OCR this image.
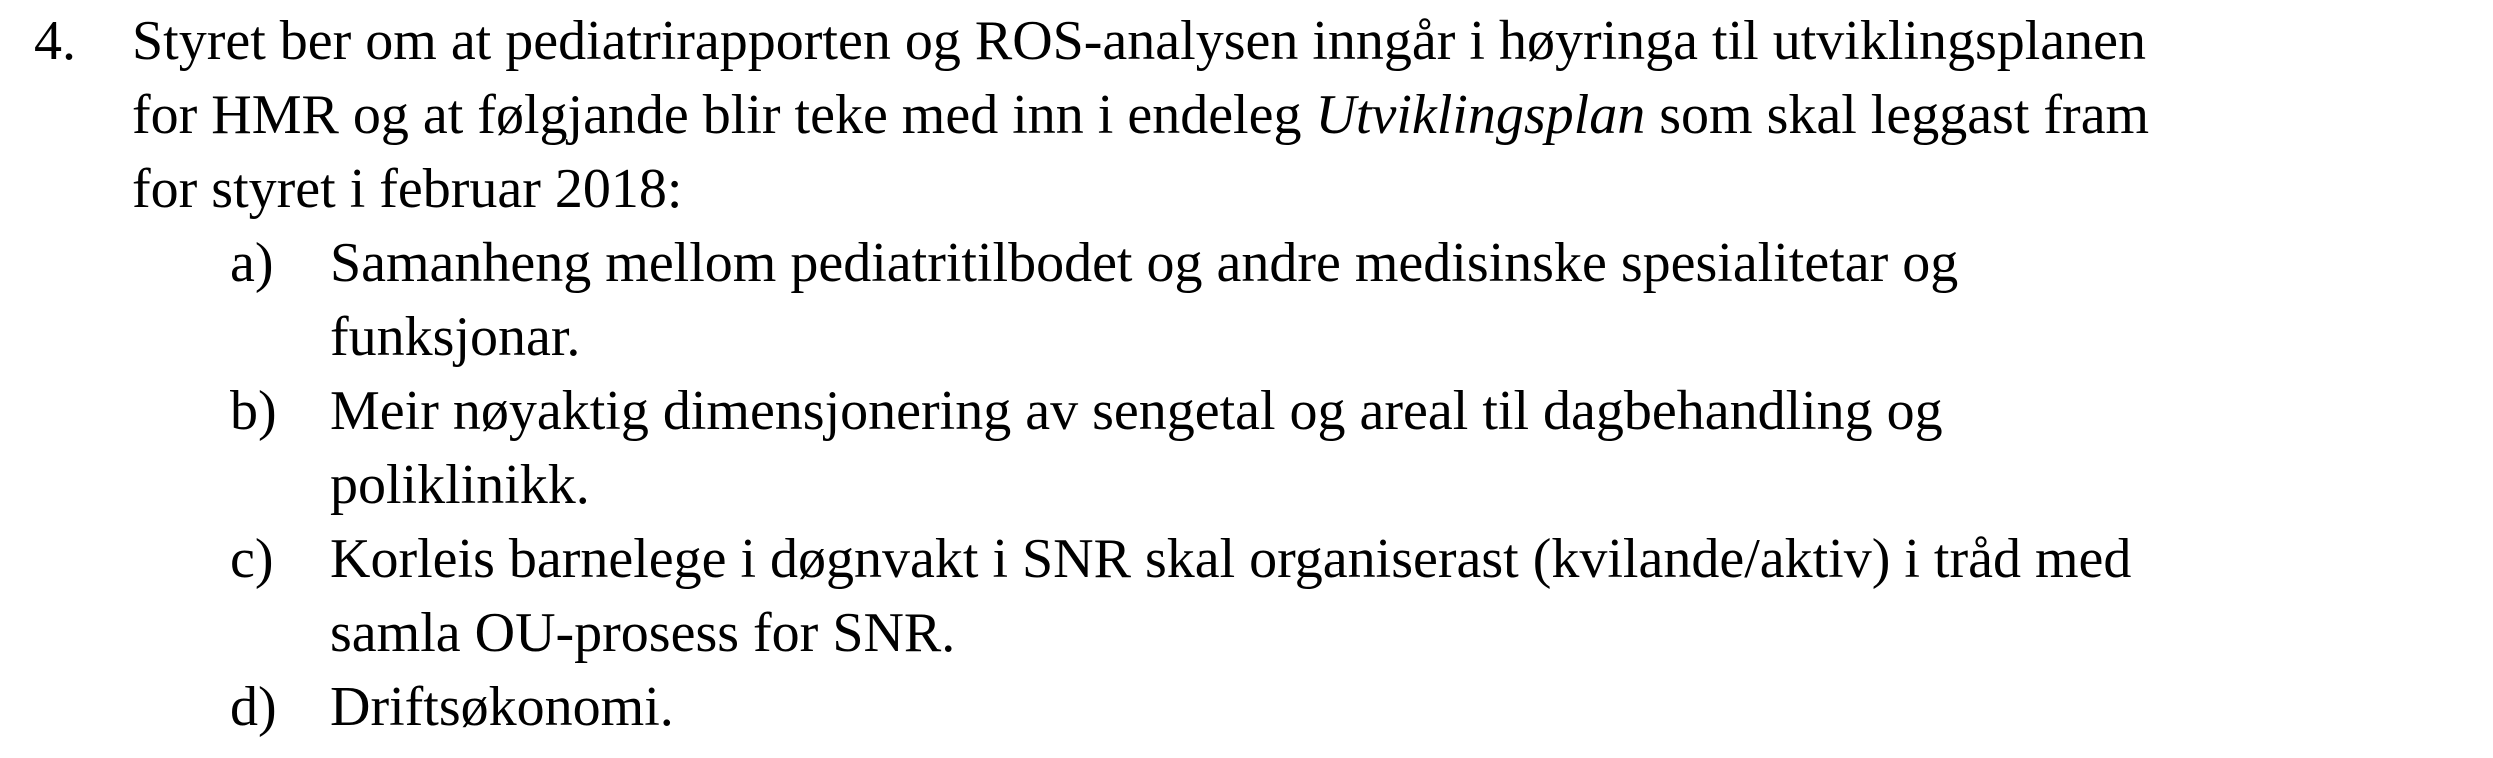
4. Styret ber om at pediatrirapporten og ROS-analysen inngår i høyringa til utviklingsplanen
for HMR og at følgjande blir teke med inn i endeleg Utviklingsplan som skal leggast fram
for styret i februar 2018:
a) Samanheng mellom pediatritilbodet og andre medisinske spesialitetar og
funksjonar.
b) Meir nøyaktig dimensjonering av sengetal og areal til dagbehandling og
poliklinikk.
c) Korleis barnelege i døgnvakt i SNR skal organiserast (kvilande/aktiv) i tråd med
samla OU-prosess for SNR.
d) Driftsøkonomi.
